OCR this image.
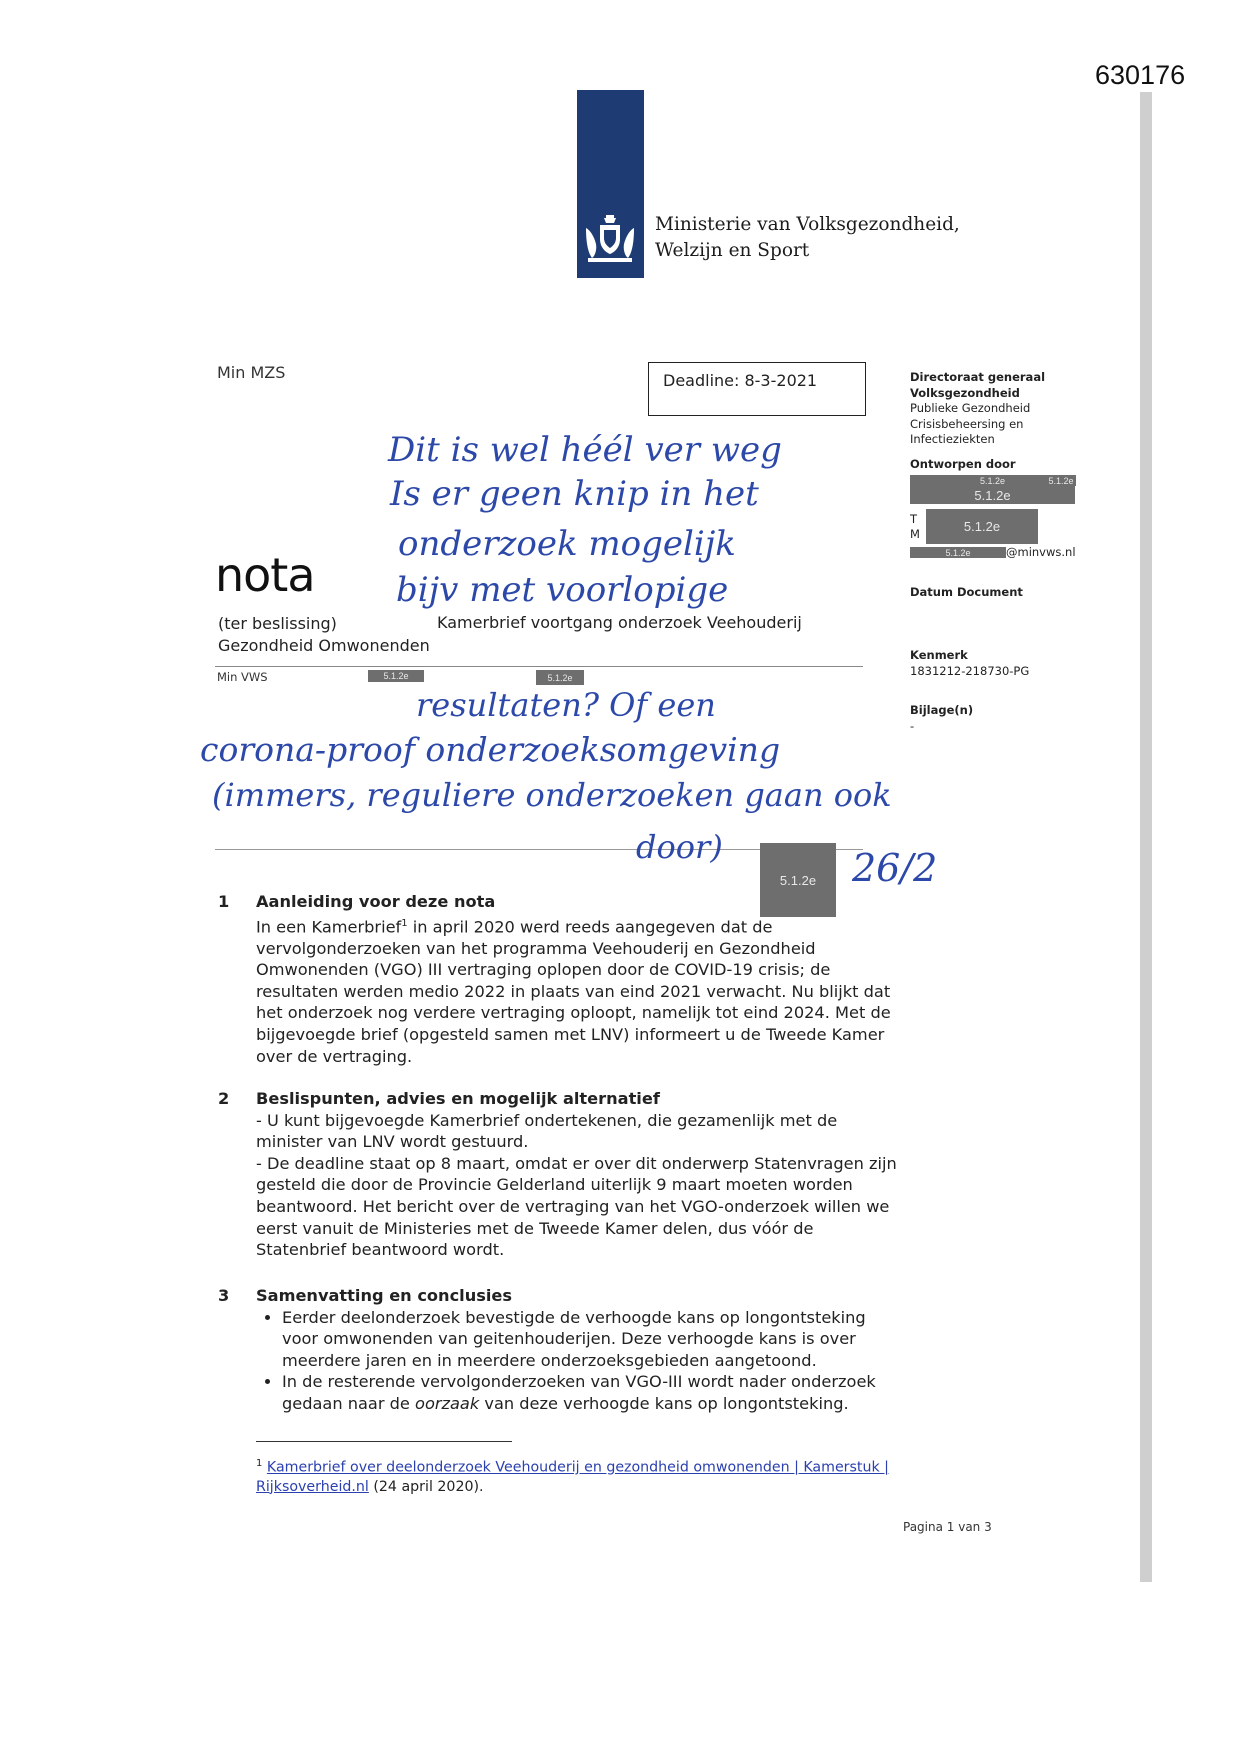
630176
Ministerie van Volksgezondheid,
Welzijn en Sport
Min MZS	Deadline: 8-3-2021	Directoraat generaal
Volksgezondheid
Publieke Gezondheid
Crisisbeheersing en
Infectieziekten
Ontworpen door
5.1.2e	5.1.2e
5.1.2e
T
M	5.1.2e
5.1.2e	@minvws.nl
Datum Document
Kenmerk
1831212-218730-PG
Bijlage(n)
-
nota
(ter beslissing)
Gezondheid Omwonenden
Kamerbrief voortgang onderzoek Veehouderij
Min VWS	5.1.2e	5.1.2e
Dit is wel héél ver weg
Is er geen knip in het
onderzoek mogelijk
bijv met voorlopige
resultaten? Of een
corona-proof onderzoeksomgeving
(immers, reguliere onderzoeken gaan ook
door)
5.1.2e 26/2
1 Aanleiding voor deze nota
In een Kamerbrief$^1$ in april 2020 werd reeds aangegeven dat de vervolgonderzoeken van het programma Veehouderij en Gezondheid Omwonenden (VGO) III vertraging oplopen door de COVID-19 crisis; de resultaten werden medio 2022 in plaats van eind 2021 verwacht. Nu blijkt dat het onderzoek nog verdere vertraging oploopt, namelijk tot eind 2024. Met de bijgevoegde brief (opgesteld samen met LNV) informeert u de Tweede Kamer over de vertraging.
2 Beslispunten, advies en mogelijk alternatief
- U kunt bijgevoegde Kamerbrief ondertekenen, die gezamenlijk met de minister van LNV wordt gestuurd.
- De deadline staat op 8 maart, omdat er over dit onderwerp Statenvragen zijn gesteld die door de Provincie Gelderland uiterlijk 9 maart moeten worden beantwoord. Het bericht over de vertraging van het VGO-onderzoek willen we eerst vanuit de Ministeries met de Tweede Kamer delen, dus vóór de Statenbrief beantwoord wordt.
3 Samenvatting en conclusies
• Eerder deelonderzoek bevestigde de verhoogde kans op longontsteking voor omwonenden van geitenhouderijen. Deze verhoogde kans is over meerdere jaren en in meerdere onderzoeksgebieden aangetoond.
• In de resterende vervolgonderzoeken van VGO-III wordt nader onderzoek gedaan naar de oorzaak van deze verhoogde kans op longontsteking.
$^1$ Kamerbrief over deelonderzoek Veehouderij en gezondheid omwonenden | Kamerstuk | Rijksoverheid.nl (24 april 2020).
Pagina 1 van 3
